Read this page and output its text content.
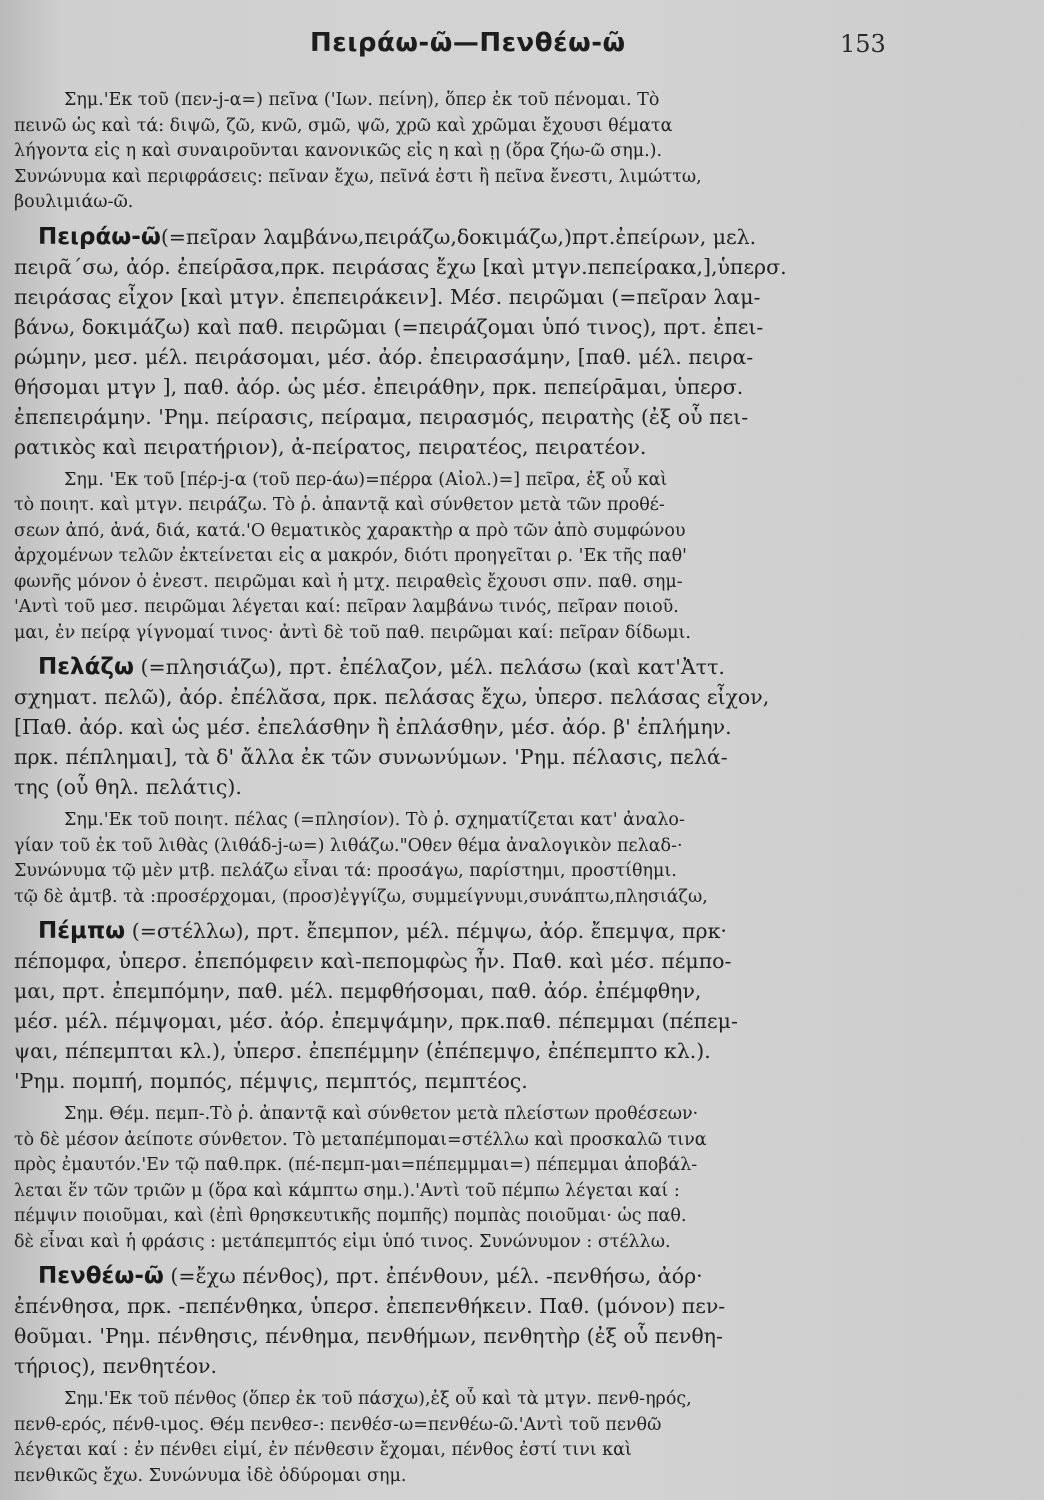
Πειράω-ῶ—Πενθέω-ῶ	153
Σημ.'Εκ τοῦ (πεν-j-α=) πεῖνα ('Ιων. πείνη), ὅπερ ἐκ τοῦ πένομαι. Τὸ
πεινῶ ὡς καὶ τά: διψῶ, ζῶ, κνῶ, σμῶ, ψῶ, χρῶ καὶ χρῶμαι ἔχουσι θέματα
λήγοντα εἰς η καὶ συναιροῦνται κανονικῶς εἰς η καὶ ῃ (ὅρα ζήω-ῶ σημ.).
Συνώνυμα καὶ περιφράσεις: πεῖναν ἔχω, πεῖνά ἐστι ἢ πεῖνα ἔνεστι, λιμώττω,
βουλιμιάω-ῶ.
Πειράω-ῶ(=πεῖραν λαμβάνω,πειράζω,δοκιμάζω,)πρτ.ἐπείρων, μελ.
πειρᾶ΄σω, ἀόρ. ἐπείρᾱσα,πρκ. πειράσας ἔχω [καὶ μτγν.πεπείρακα,],ὑπερσ.
πειράσας εἶχον [καὶ μτγν. ἐπεπειράκειν]. Μέσ. πειρῶμαι (=πεῖραν λαμ-
βάνω, δοκιμάζω) καὶ παθ. πειρῶμαι (=πειράζομαι ὑπό τινος), πρτ. ἐπει-
ρώμην, μεσ. μέλ. πειράσομαι, μέσ. ἀόρ. ἐπειρασάμην, [παθ. μέλ. πειρα-
θήσομαι μτγν ], παθ. ἀόρ. ὡς μέσ. ἐπειράθην, πρκ. πεπείρᾱμαι, ὑπερσ.
ἐπεπειράμην. 'Ρημ. πείρασις, πείραμα, πειρασμός, πειρατὴς (ἐξ οὗ πει-
ρατικὸς καὶ πειρατήριον), ἀ-πείρατος, πειρατέος, πειρατέον.
Σημ. 'Εκ τοῦ [πέρ-j-α (τοῦ περ-άω)=πέρρα (Αἰολ.)=] πεῖρα, ἐξ οὗ καὶ
τὸ ποιητ. καὶ μτγν. πειράζω. Τὸ ῥ. ἀπαντᾷ καὶ σύνθετον μετὰ τῶν προθέ-
σεων ἀπό, ἀνά, διά, κατά.'Ο θεματικὸς χαρακτὴρ α πρὸ τῶν ἀπὸ συμφώνου
ἀρχομένων τελῶν ἐκτείνεται εἰς α μακρόν, διότι προηγεῖται ρ. 'Εκ τῆς παθ'
φωνῆς μόνον ὁ ἐνεστ. πειρῶμαι καὶ ἡ μτχ. πειραθεὶς ἔχουσι σπν. παθ. σημ-
'Αντὶ τοῦ μεσ. πειρῶμαι λέγεται καί: πεῖραν λαμβάνω τινός, πεῖραν ποιοῦ.
μαι, ἐν πείρᾳ γίγνομαί τινος· ἀντὶ δὲ τοῦ παθ. πειρῶμαι καί: πεῖραν δίδωμι.
Πελάζω (=πλησιάζω), πρτ. ἐπέλαζον, μέλ. πελάσω (καὶ κατ'Ἀττ.
σχηματ. πελῶ), ἀόρ. ἐπέλᾰσα, πρκ. πελάσας ἔχω, ὑπερσ. πελάσας εἶχον,
[Παθ. ἀόρ. καὶ ὡς μέσ. ἐπελάσθην ἢ ἐπλάσθην, μέσ. ἀόρ. β' ἐπλήμην.
πρκ. πέπλημαι], τὰ δ' ἄλλα ἐκ τῶν συνωνύμων. 'Ρημ. πέλασις, πελά-
της (οὗ θηλ. πελάτις).
Σημ.'Εκ τοῦ ποιητ. πέλας (=πλησίον). Τὸ ῥ. σχηματίζεται κατ' ἀναλο-
γίαν τοῦ ἐκ τοῦ λιθὰς (λιθάδ-j-ω=) λιθάζω."Οθεν θέμα ἀναλογικὸν πελαδ-·
Συνώνυμα τῷ μὲν μτβ. πελάζω εἶναι τά: προσάγω, παρίστημι, προστίθημι.
τῷ δὲ ἀμτβ. τὰ :προσέρχομαι, (προσ)ἐγγίζω, συμμείγνυμι,συνάπτω,πλησιάζω,
Πέμπω (=στέλλω), πρτ. ἔπεμπον, μέλ. πέμψω, ἀόρ. ἔπεμψα, πρκ·
πέπομφα, ὑπερσ. ἐπεπόμφειν καὶ-πεπομφὼς ἦν. Παθ. καὶ μέσ. πέμπο-
μαι, πρτ. ἐπεμπόμην, παθ. μέλ. πεμφθήσομαι, παθ. ἀόρ. ἐπέμφθην,
μέσ. μέλ. πέμψομαι, μέσ. ἀόρ. ἐπεμψάμην, πρκ.παθ. πέπεμμαι (πέπεμ-
ψαι, πέπεμπται κλ.), ὑπερσ. ἐπεπέμμην (ἐπέπεμψο, ἐπέπεμπτο κλ.).
'Ρημ. πομπή, πομπός, πέμψις, πεμπτός, πεμπτέος.
Σημ. Θέμ. πεμπ-.Τὸ ῥ. ἀπαντᾷ καὶ σύνθετον μετὰ πλείστων προθέσεων·
τὸ δὲ μέσον ἀείποτε σύνθετον. Τὸ μεταπέμπομαι=στέλλω καὶ προσκαλῶ τινα
πρὸς ἐμαυτόν.'Εν τῷ παθ.πρκ. (πέ-πεμπ-μαι=πέπεμμμαι=) πέπεμμαι ἀποβάλ-
λεται ἕν τῶν τριῶν μ (ὅρα καὶ κάμπτω σημ.).'Αντὶ τοῦ πέμπω λέγεται καί :
πέμψιν ποιοῦμαι, καὶ (ἐπὶ θρησκευτικῆς πομπῆς) πομπὰς ποιοῦμαι· ὡς παθ.
δὲ εἶναι καὶ ἡ φράσις : μετάπεμπτός εἰμι ὑπό τινος. Συνώνυμον : στέλλω.
Πενθέω-ῶ (=ἔχω πένθος), πρτ. ἐπένθουν, μέλ. -πενθήσω, ἀόρ·
ἐπένθησα, πρκ. -πεπένθηκα, ὑπερσ. ἐπεπενθήκειν. Παθ. (μόνον) πεν-
θοῦμαι. 'Ρημ. πένθησις, πένθημα, πενθήμων, πενθητὴρ (ἐξ οὗ πενθη-
τήριος), πενθητέον.
Σημ.'Εκ τοῦ πένθος (ὅπερ ἐκ τοῦ πάσχω),ἐξ οὗ καὶ τὰ μτγν. πενθ-ηρός,
πενθ-ερός, πένθ-ιμος. Θέμ πενθεσ-: πενθέσ-ω=πενθέω-ῶ.'Αντὶ τοῦ πενθῶ
λέγεται καί : ἐν πένθει εἰμί, ἐν πένθεσιν ἔχομαι, πένθος ἐστί τινι καὶ
πενθικῶς ἔχω. Συνώνυμα ἰδὲ ὀδύρομαι σημ.
